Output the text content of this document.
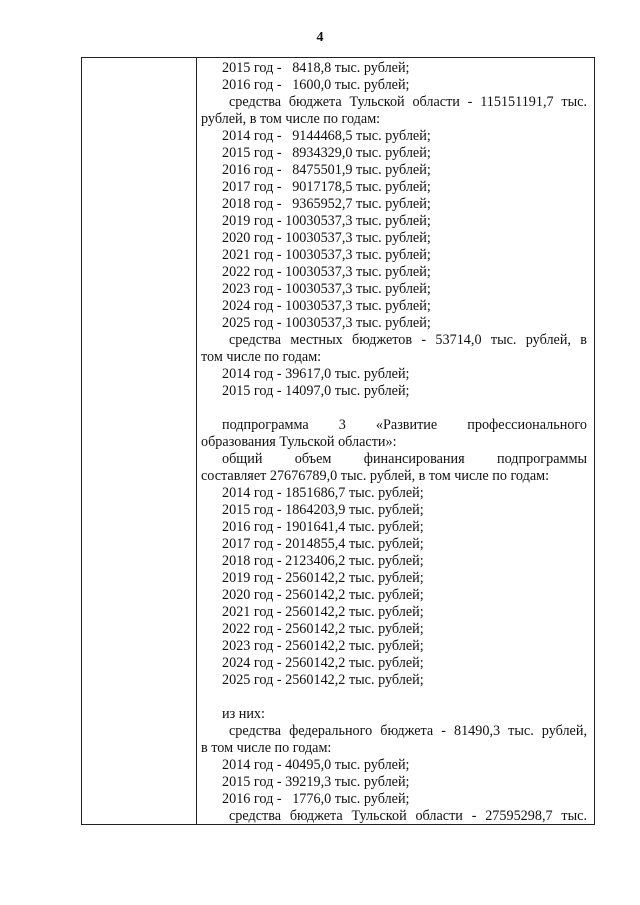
4
2015 год -   8418,8 тыс. рублей;
2016 год -   1600,0 тыс. рублей;
средства бюджета Тульской области - 115151191,7 тыс.
рублей, в том числе по годам:
2014 год -   9144468,5 тыс. рублей;
2015 год -   8934329,0 тыс. рублей;
2016 год -   8475501,9 тыс. рублей;
2017 год -   9017178,5 тыс. рублей;
2018 год -   9365952,7 тыс. рублей;
2019 год - 10030537,3 тыс. рублей;
2020 год - 10030537,3 тыс. рублей;
2021 год - 10030537,3 тыс. рублей;
2022 год - 10030537,3 тыс. рублей;
2023 год - 10030537,3 тыс. рублей;
2024 год - 10030537,3 тыс. рублей;
2025 год - 10030537,3 тыс. рублей;
средства местных бюджетов - 53714,0 тыс. рублей, в
том числе по годам:
2014 год - 39617,0 тыс. рублей;
2015 год - 14097,0 тыс. рублей;
подпрограмма 3 «Развитие профессионального
образования Тульской области»:
общий объем финансирования подпрограммы
составляет 27676789,0 тыс. рублей, в том числе по годам:
2014 год - 1851686,7 тыс. рублей;
2015 год - 1864203,9 тыс. рублей;
2016 год - 1901641,4 тыс. рублей;
2017 год - 2014855,4 тыс. рублей;
2018 год - 2123406,2 тыс. рублей;
2019 год - 2560142,2 тыс. рублей;
2020 год - 2560142,2 тыс. рублей;
2021 год - 2560142,2 тыс. рублей;
2022 год - 2560142,2 тыс. рублей;
2023 год - 2560142,2 тыс. рублей;
2024 год - 2560142,2 тыс. рублей;
2025 год - 2560142,2 тыс. рублей;
из них:
средства федерального бюджета - 81490,3 тыс. рублей,
в том числе по годам:
2014 год - 40495,0 тыс. рублей;
2015 год - 39219,3 тыс. рублей;
2016 год -   1776,0 тыс. рублей;
средства бюджета Тульской области - 27595298,7 тыс.
